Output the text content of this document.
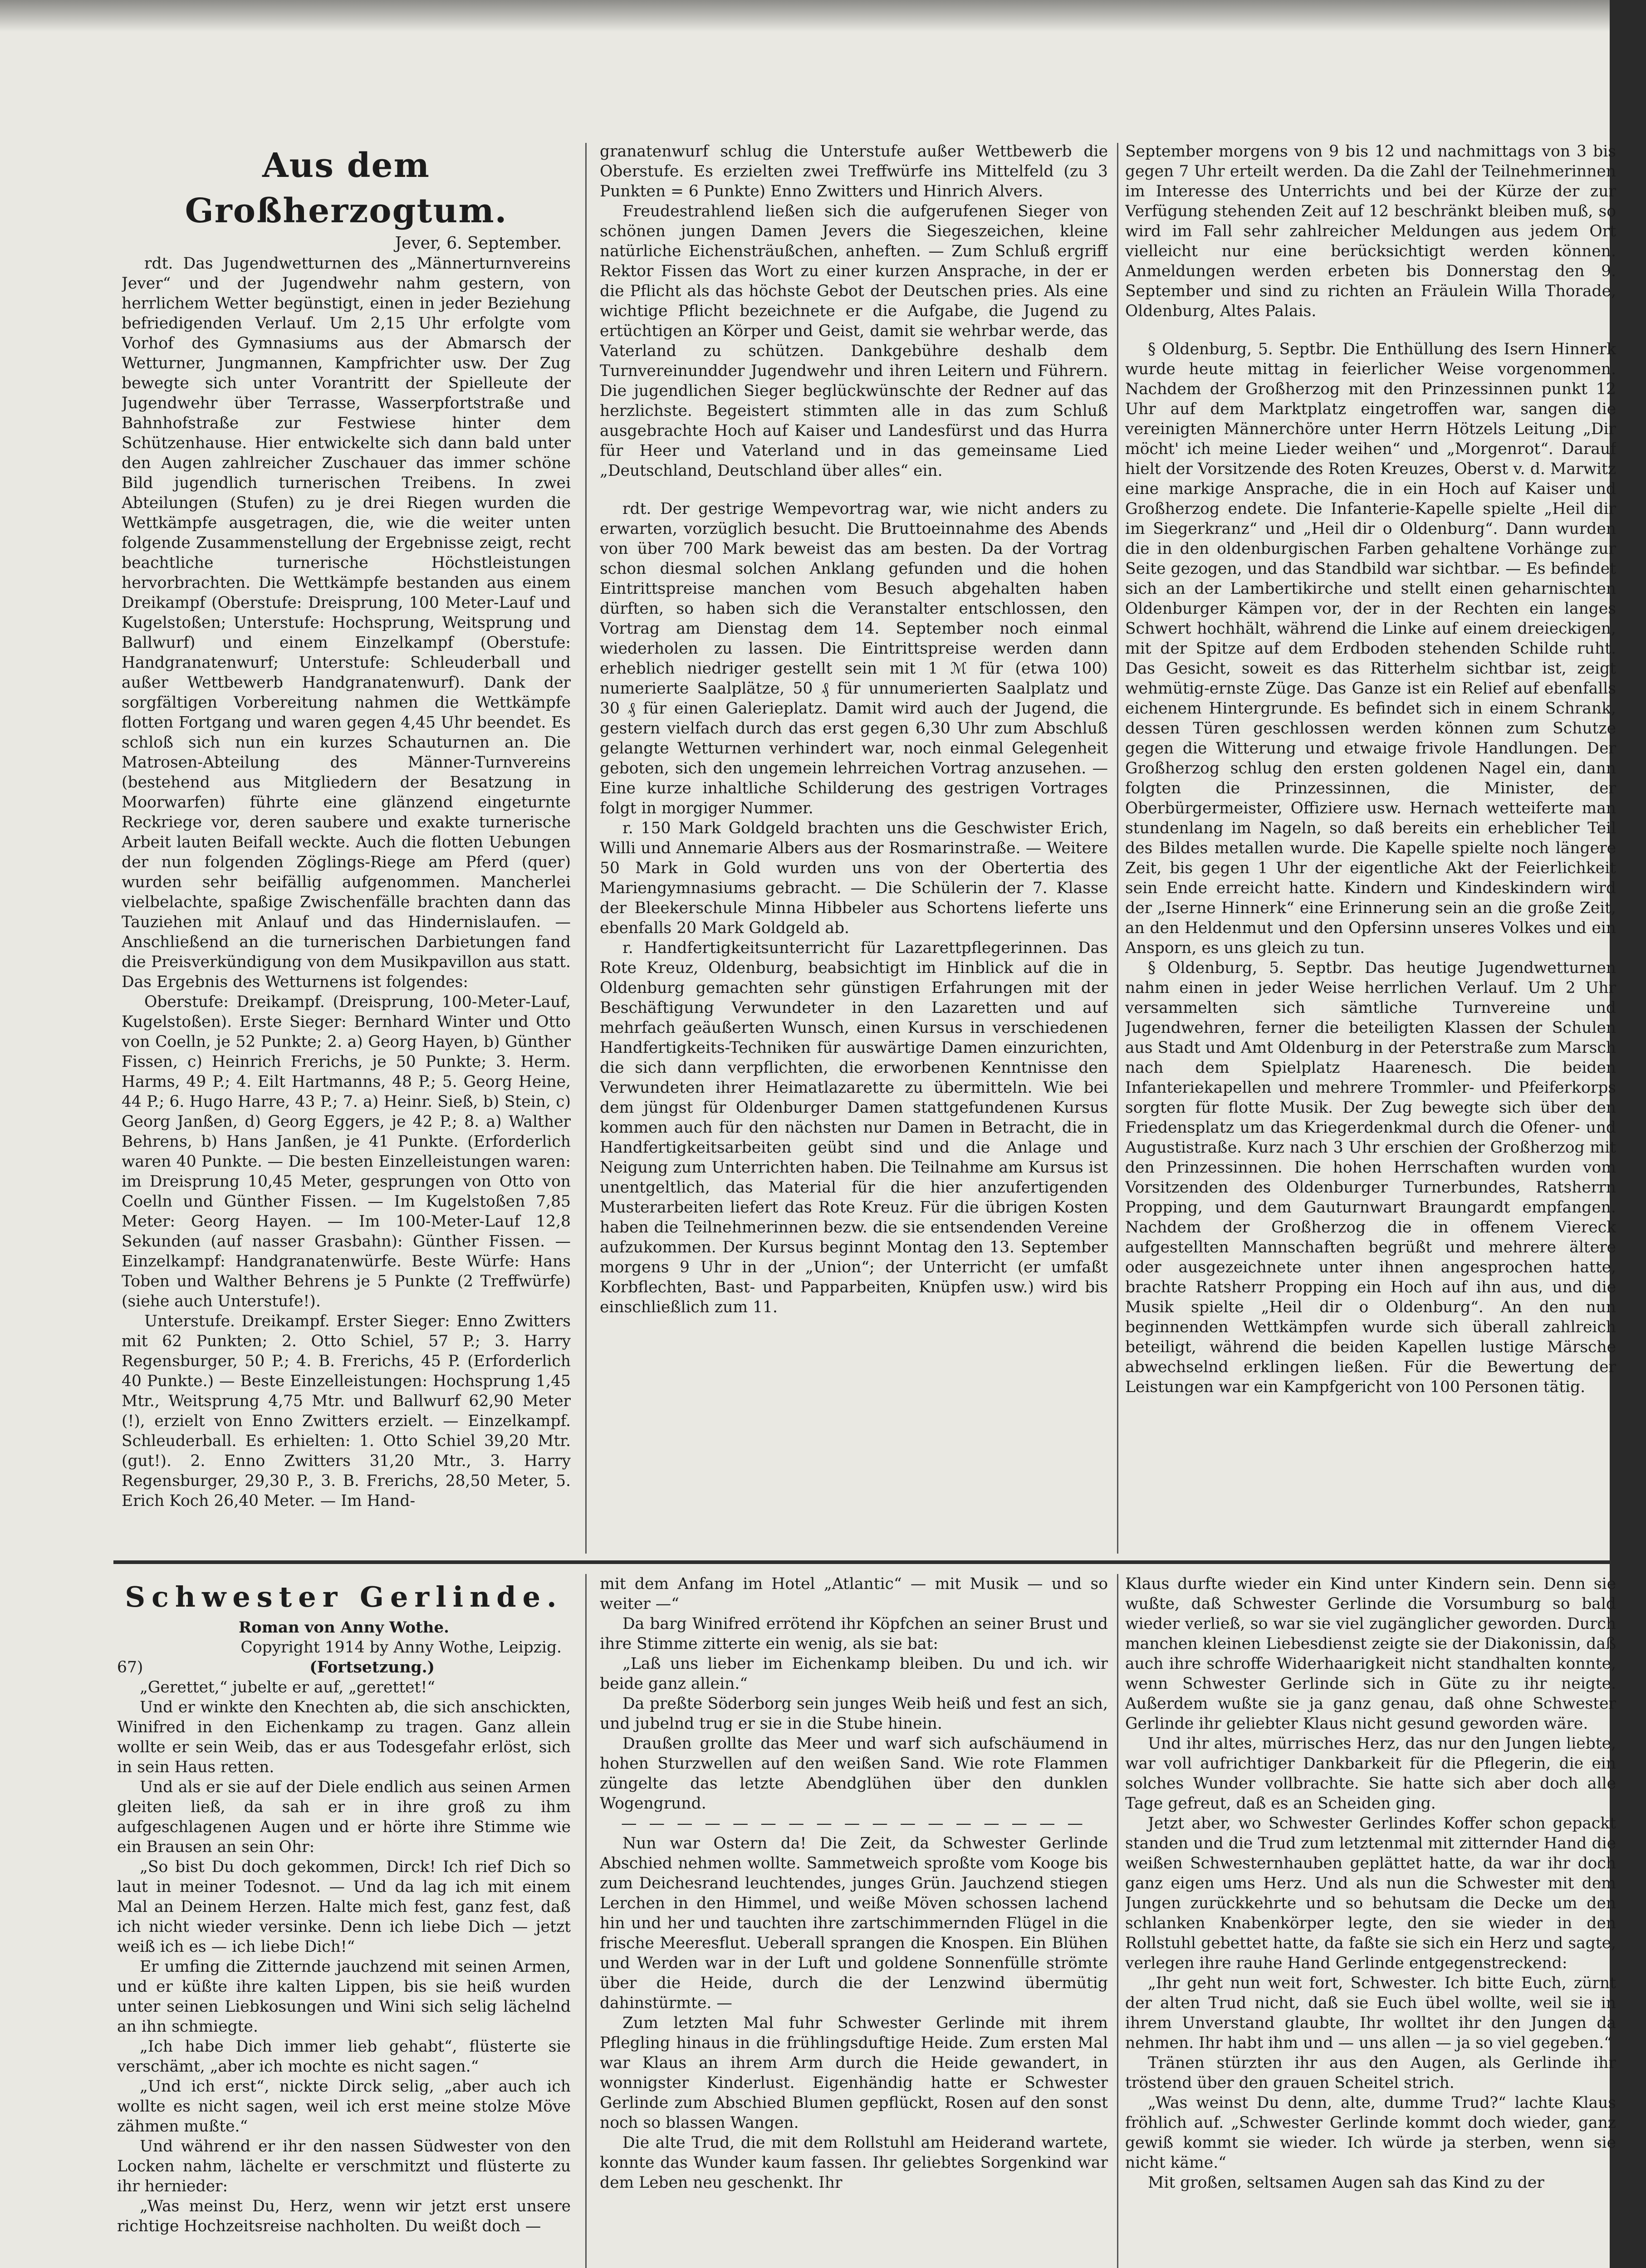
Aus dem Großherzogtum.
Jever, 6. September.

rdt. Das Jugendwetturnen des „Männerturnvereins Jever“ und der Jugendwehr nahm gestern, von herrlichem Wetter begünstigt, einen in jeder Beziehung befriedigenden Verlauf. Um 2,15 Uhr erfolgte vom Vorhof des Gymnasiums aus der Abmarsch der Wetturner, Jungmannen, Kampfrichter usw. Der Zug bewegte sich unter Vorantritt der Spielleute der Jugendwehr über Terrasse, Wasserpfortstraße und Bahnhofstraße zur Festwiese hinter dem Schützenhause. Hier entwickelte sich dann bald unter den Augen zahlreicher Zuschauer das immer schöne Bild jugendlich turnerischen Treibens. In zwei Abteilungen (Stufen) zu je drei Riegen wurden die Wettkämpfe ausgetragen, die, wie die weiter unten folgende Zusammenstellung der Ergebnisse zeigt, recht beachtliche turnerische Höchstleistungen hervorbrachten. Die Wettkämpfe bestanden aus einem Dreikampf (Oberstufe: Dreisprung, 100 Meter-Lauf und Kugelstoßen; Unterstufe: Hochsprung, Weitsprung und Ballwurf) und einem Einzelkampf (Oberstufe: Handgranatenwurf; Unterstufe: Schleuderball und außer Wettbewerb Handgranatenwurf). Dank der sorgfältigen Vorbereitung nahmen die Wettkämpfe flotten Fortgang und waren gegen 4,45 Uhr beendet. Es schloß sich nun ein kurzes Schauturnen an. Die Matrosen-Abteilung des Männer-Turnvereins (bestehend aus Mitgliedern der Besatzung in Moorwarfen) führte eine glänzend eingeturnte Reckriege vor, deren saubere und exakte turnerische Arbeit lauten Beifall weckte. Auch die flotten Uebungen der nun folgenden Zöglings-Riege am Pferd (quer) wurden sehr beifällig aufgenommen. Mancherlei vielbelachte, spaßige Zwischenfälle brachten dann das Tauziehen mit Anlauf und das Hindernislaufen. — Anschließend an die turnerischen Darbietungen fand die Preisverkündigung von dem Musikpavillon aus statt. Das Ergebnis des Wetturnens ist folgendes:

Oberstufe: Dreikampf. (Dreisprung, 100-Meter-Lauf, Kugelstoßen). Erste Sieger: Bernhard Winter und Otto von Coelln, je 52 Punkte; 2. a) Georg Hayen, b) Günther Fissen, c) Heinrich Frerichs, je 50 Punkte; 3. Herm. Harms, 49 P.; 4. Eilt Hartmanns, 48 P.; 5. Georg Heine, 44 P.; 6. Hugo Harre, 43 P.; 7. a) Heinr. Sieß, b) Stein, c) Georg Janßen, d) Georg Eggers, je 42 P.; 8. a) Walther Behrens, b) Hans Janßen, je 41 Punkte. (Erforderlich waren 40 Punkte. — Die besten Einzelleistungen waren: im Dreisprung 10,45 Meter, gesprungen von Otto von Coelln und Günther Fissen. — Im Kugelstoßen 7,85 Meter: Georg Hayen. — Im 100-Meter-Lauf 12,8 Sekunden (auf nasser Grasbahn): Günther Fissen. — Einzelkampf: Handgranatenwürfe. Beste Würfe: Hans Toben und Walther Behrens je 5 Punkte (2 Treffwürfe) (siehe auch Unterstufe!).

Unterstufe. Dreikampf. Erster Sieger: Enno Zwitters mit 62 Punkten; 2. Otto Schiel, 57 P.; 3. Harry Regensburger, 50 P.; 4. B. Frerichs, 45 P. (Erforderlich 40 Punkte.) — Beste Einzelleistungen: Hochsprung 1,45 Mtr., Weitsprung 4,75 Mtr. und Ballwurf 62,90 Meter (!), erzielt von Enno Zwitters erzielt. — Einzelkampf. Schleuderball. Es erhielten: 1. Otto Schiel 39,20 Mtr. (gut!). 2. Enno Zwitters 31,20 Mtr., 3. Harry Regensburger, 29,30 P., 3. B. Frerichs, 28,50 Meter, 5. Erich Koch 26,40 Meter. — Im Hand-

granatenwurf schlug die Unterstufe außer Wettbewerb die Oberstufe. Es erzielten zwei Treffwürfe ins Mittelfeld (zu 3 Punkten = 6 Punkte) Enno Zwitters und Hinrich Alvers.

Freudestrahlend ließen sich die aufgerufenen Sieger von schönen jungen Damen Jevers die Siegeszeichen, kleine natürliche Eichensträußchen, anheften. — Zum Schluß ergriff Rektor Fissen das Wort zu einer kurzen Ansprache, in der er die Pflicht als das höchste Gebot der Deutschen pries. Als eine wichtige Pflicht bezeichnete er die Aufgabe, die Jugend zu ertüchtigen an Körper und Geist, damit sie wehrbar werde, das Vaterland zu schützen. Dankgebühre deshalb dem Turnvereinundder Jugendwehr und ihren Leitern und Führern. Die jugendlichen Sieger beglückwünschte der Redner auf das herzlichste. Begeistert stimmten alle in das zum Schluß ausgebrachte Hoch auf Kaiser und Landesfürst und das Hurra für Heer und Vaterland und in das gemeinsame Lied „Deutschland, Deutschland über alles“ ein.

rdt. Der gestrige Wempevortrag war, wie nicht anders zu erwarten, vorzüglich besucht. Die Bruttoeinnahme des Abends von über 700 Mark beweist das am besten. Da der Vortrag schon diesmal solchen Anklang gefunden und die hohen Eintrittspreise manchen vom Besuch abgehalten haben dürften, so haben sich die Veranstalter entschlossen, den Vortrag am Dienstag dem 14. September noch einmal wiederholen zu lassen. Die Eintrittspreise werden dann erheblich niedriger gestellt sein mit 1 ℳ für (etwa 100) numerierte Saalplätze, 50 ₰ für unnumerierten Saalplatz und 30 ₰ für einen Galerieplatz. Damit wird auch der Jugend, die gestern vielfach durch das erst gegen 6,30 Uhr zum Abschluß gelangte Wetturnen verhindert war, noch einmal Gelegenheit geboten, sich den ungemein lehrreichen Vortrag anzusehen. — Eine kurze inhaltliche Schilderung des gestrigen Vortrages folgt in morgiger Nummer.

r. 150 Mark Goldgeld brachten uns die Geschwister Erich, Willi und Annemarie Albers aus der Rosmarinstraße. — Weitere 50 Mark in Gold wurden uns von der Obertertia des Mariengymnasiums gebracht. — Die Schülerin der 7. Klasse der Bleekerschule Minna Hibbeler aus Schortens lieferte uns ebenfalls 20 Mark Goldgeld ab.

r. Handfertigkeitsunterricht für Lazarettpflegerinnen. Das Rote Kreuz, Oldenburg, beabsichtigt im Hinblick auf die in Oldenburg gemachten sehr günstigen Erfahrungen mit der Beschäftigung Verwundeter in den Lazaretten und auf mehrfach geäußerten Wunsch, einen Kursus in verschiedenen Handfertigkeits-Techniken für auswärtige Damen einzurichten, die sich dann verpflichten, die erworbenen Kenntnisse den Verwundeten ihrer Heimatlazarette zu übermitteln. Wie bei dem jüngst für Oldenburger Damen stattgefundenen Kursus kommen auch für den nächsten nur Damen in Betracht, die in Handfertigkeitsarbeiten geübt sind und die Anlage und Neigung zum Unterrichten haben. Die Teilnahme am Kursus ist unentgeltlich, das Material für die hier anzufertigenden Musterarbeiten liefert das Rote Kreuz. Für die übrigen Kosten haben die Teilnehmerinnen bezw. die sie entsendenden Vereine aufzukommen. Der Kursus beginnt Montag den 13. September morgens 9 Uhr in der „Union“; der Unterricht (er umfaßt Korbflechten, Bast- und Papparbeiten, Knüpfen usw.) wird bis einschließlich zum 11.

September morgens von 9 bis 12 und nachmittags von 3 bis gegen 7 Uhr erteilt werden. Da die Zahl der Teilnehmerinnen im Interesse des Unterrichts und bei der Kürze der zur Verfügung stehenden Zeit auf 12 beschränkt bleiben muß, so wird im Fall sehr zahlreicher Meldungen aus jedem Ort vielleicht nur eine berücksichtigt werden können. Anmeldungen werden erbeten bis Donnerstag den 9. September und sind zu richten an Fräulein Willa Thorade, Oldenburg, Altes Palais.

§ Oldenburg, 5. Septbr. Die Enthüllung des Isern Hinnerk wurde heute mittag in feierlicher Weise vorgenommen. Nachdem der Großherzog mit den Prinzessinnen punkt 12 Uhr auf dem Marktplatz eingetroffen war, sangen die vereinigten Männerchöre unter Herrn Hötzels Leitung „Dir möcht' ich meine Lieder weihen“ und „Morgenrot“. Darauf hielt der Vorsitzende des Roten Kreuzes, Oberst v. d. Marwitz eine markige Ansprache, die in ein Hoch auf Kaiser und Großherzog endete. Die Infanterie-Kapelle spielte „Heil dir im Siegerkranz“ und „Heil dir o Oldenburg“. Dann wurden die in den oldenburgischen Farben gehaltene Vorhänge zur Seite gezogen, und das Standbild war sichtbar. — Es befindet sich an der Lambertikirche und stellt einen geharnischten Oldenburger Kämpen vor, der in der Rechten ein langes Schwert hochhält, während die Linke auf einem dreieckigen, mit der Spitze auf dem Erdboden stehenden Schilde ruht. Das Gesicht, soweit es das Ritterhelm sichtbar ist, zeigt wehmütig-ernste Züge. Das Ganze ist ein Relief auf ebenfalls eichenem Hintergrunde. Es befindet sich in einem Schrank, dessen Türen geschlossen werden können zum Schutze gegen die Witterung und etwaige frivole Handlungen. Der Großherzog schlug den ersten goldenen Nagel ein, dann folgten die Prinzessinnen, die Minister, der Oberbürgermeister, Offiziere usw. Hernach wetteiferte man stundenlang im Nageln, so daß bereits ein erheblicher Teil des Bildes metallen wurde. Die Kapelle spielte noch längere Zeit, bis gegen 1 Uhr der eigentliche Akt der Feierlichkeit sein Ende erreicht hatte. Kindern und Kindeskindern wird der „Iserne Hinnerk“ eine Erinnerung sein an die große Zeit, an den Heldenmut und den Opfersinn unseres Volkes und ein Ansporn, es uns gleich zu tun.

§ Oldenburg, 5. Septbr. Das heutige Jugendwetturnen nahm einen in jeder Weise herrlichen Verlauf. Um 2 Uhr versammelten sich sämtliche Turnvereine und Jugendwehren, ferner die beteiligten Klassen der Schulen aus Stadt und Amt Oldenburg in der Peterstraße zum Marsch nach dem Spielplatz Haarenesch. Die beiden Infanteriekapellen und mehrere Trommler- und Pfeiferkorps sorgten für flotte Musik. Der Zug bewegte sich über den Friedensplatz um das Kriegerdenkmal durch die Ofener- und Augustistraße. Kurz nach 3 Uhr erschien der Großherzog mit den Prinzessinnen. Die hohen Herrschaften wurden vom Vorsitzenden des Oldenburger Turnerbundes, Ratsherrn Propping, und dem Gauturnwart Braungardt empfangen. Nachdem der Großherzog die in offenem Viereck aufgestellten Mannschaften begrüßt und mehrere ältere oder ausgezeichnete unter ihnen angesprochen hatte, brachte Ratsherr Propping ein Hoch auf ihn aus, und die Musik spielte „Heil dir o Oldenburg“. An den nun beginnenden Wettkämpfen wurde sich überall zahlreich beteiligt, während die beiden Kapellen lustige Märsche abwechselnd erklingen ließen. Für die Bewertung der Leistungen war ein Kampfgericht von 100 Personen tätig.

Schwester Gerlinde.
Roman von Anny Wothe.
Copyright 1914 by Anny Wothe, Leipzig.
67)	(Fortsetzung.)

„Gerettet,“ jubelte er auf, „gerettet!“

Und er winkte den Knechten ab, die sich anschickten, Winifred in den Eichenkamp zu tragen. Ganz allein wollte er sein Weib, das er aus Todesgefahr erlöst, sich in sein Haus retten.

Und als er sie auf der Diele endlich aus seinen Armen gleiten ließ, da sah er in ihre groß zu ihm aufgeschlagenen Augen und er hörte ihre Stimme wie ein Brausen an sein Ohr:

„So bist Du doch gekommen, Dirck! Ich rief Dich so laut in meiner Todesnot. — Und da lag ich mit einem Mal an Deinem Herzen. Halte mich fest, ganz fest, daß ich nicht wieder versinke. Denn ich liebe Dich — jetzt weiß ich es — ich liebe Dich!“

Er umfing die Zitternde jauchzend mit seinen Armen, und er küßte ihre kalten Lippen, bis sie heiß wurden unter seinen Liebkosungen und Wini sich selig lächelnd an ihn schmiegte.

„Ich habe Dich immer lieb gehabt“, flüsterte sie verschämt, „aber ich mochte es nicht sagen.“

„Und ich erst“, nickte Dirck selig, „aber auch ich wollte es nicht sagen, weil ich erst meine stolze Möve zähmen mußte.“

Und während er ihr den nassen Südwester von den Locken nahm, lächelte er verschmitzt und flüsterte zu ihr hernieder:

„Was meinst Du, Herz, wenn wir jetzt erst unsere richtige Hochzeitsreise nachholten. Du weißt doch —

mit dem Anfang im Hotel „Atlantic“ — mit Musik — und so weiter —“

Da barg Winifred errötend ihr Köpfchen an seiner Brust und ihre Stimme zitterte ein wenig, als sie bat:

„Laß uns lieber im Eichenkamp bleiben. Du und ich. wir beide ganz allein.“

Da preßte Söderborg sein junges Weib heiß und fest an sich, und jubelnd trug er sie in die Stube hinein.

Draußen grollte das Meer und warf sich aufschäumend in hohen Sturzwellen auf den weißen Sand. Wie rote Flammen züngelte das letzte Abendglühen über den dunklen Wogengrund.

— — — — — — — — — — — — — — — — —

Nun war Ostern da! Die Zeit, da Schwester Gerlinde Abschied nehmen wollte. Sammetweich sproßte vom Kooge bis zum Deichesrand leuchtendes, junges Grün. Jauchzend stiegen Lerchen in den Himmel, und weiße Möven schossen lachend hin und her und tauchten ihre zartschimmernden Flügel in die frische Meeresflut. Ueberall sprangen die Knospen. Ein Blühen und Werden war in der Luft und goldene Sonnenfülle strömte über die Heide, durch die der Lenzwind übermütig dahinstürmte. —

Zum letzten Mal fuhr Schwester Gerlinde mit ihrem Pflegling hinaus in die frühlingsduftige Heide. Zum ersten Mal war Klaus an ihrem Arm durch die Heide gewandert, in wonnigster Kinderlust. Eigenhändig hatte er Schwester Gerlinde zum Abschied Blumen gepflückt, Rosen auf den sonst noch so blassen Wangen.

Die alte Trud, die mit dem Rollstuhl am Heiderand wartete, konnte das Wunder kaum fassen. Ihr geliebtes Sorgenkind war dem Leben neu geschenkt. Ihr

Klaus durfte wieder ein Kind unter Kindern sein. Denn sie wußte, daß Schwester Gerlinde die Vorsumburg so bald wieder verließ, so war sie viel zugänglicher geworden. Durch manchen kleinen Liebesdienst zeigte sie der Diakonissin, daß auch ihre schroffe Widerhaarigkeit nicht standhalten konnte, wenn Schwester Gerlinde sich in Güte zu ihr neigte. Außerdem wußte sie ja ganz genau, daß ohne Schwester Gerlinde ihr geliebter Klaus nicht gesund geworden wäre.

Und ihr altes, mürrisches Herz, das nur den Jungen liebte, war voll aufrichtiger Dankbarkeit für die Pflegerin, die ein solches Wunder vollbrachte. Sie hatte sich aber doch alle Tage gefreut, daß es an Scheiden ging.

Jetzt aber, wo Schwester Gerlindes Koffer schon gepackt standen und die Trud zum letztenmal mit zitternder Hand die weißen Schwesternhauben geplättet hatte, da war ihr doch ganz eigen ums Herz. Und als nun die Schwester mit dem Jungen zurückkehrte und so behutsam die Decke um den schlanken Knabenkörper legte, den sie wieder in den Rollstuhl gebettet hatte, da faßte sie sich ein Herz und sagte, verlegen ihre rauhe Hand Gerlinde entgegenstreckend:

„Ihr geht nun weit fort, Schwester. Ich bitte Euch, zürnt der alten Trud nicht, daß sie Euch übel wollte, weil sie in ihrem Unverstand glaubte, Ihr wolltet ihr den Jungen da nehmen. Ihr habt ihm und — uns allen — ja so viel gegeben.“

Tränen stürzten ihr aus den Augen, als Gerlinde ihr tröstend über den grauen Scheitel strich.

„Was weinst Du denn, alte, dumme Trud?“ lachte Klaus fröhlich auf. „Schwester Gerlinde kommt doch wieder, ganz gewiß kommt sie wieder. Ich würde ja sterben, wenn sie nicht käme.“

Mit großen, seltsamen Augen sah das Kind zu der
